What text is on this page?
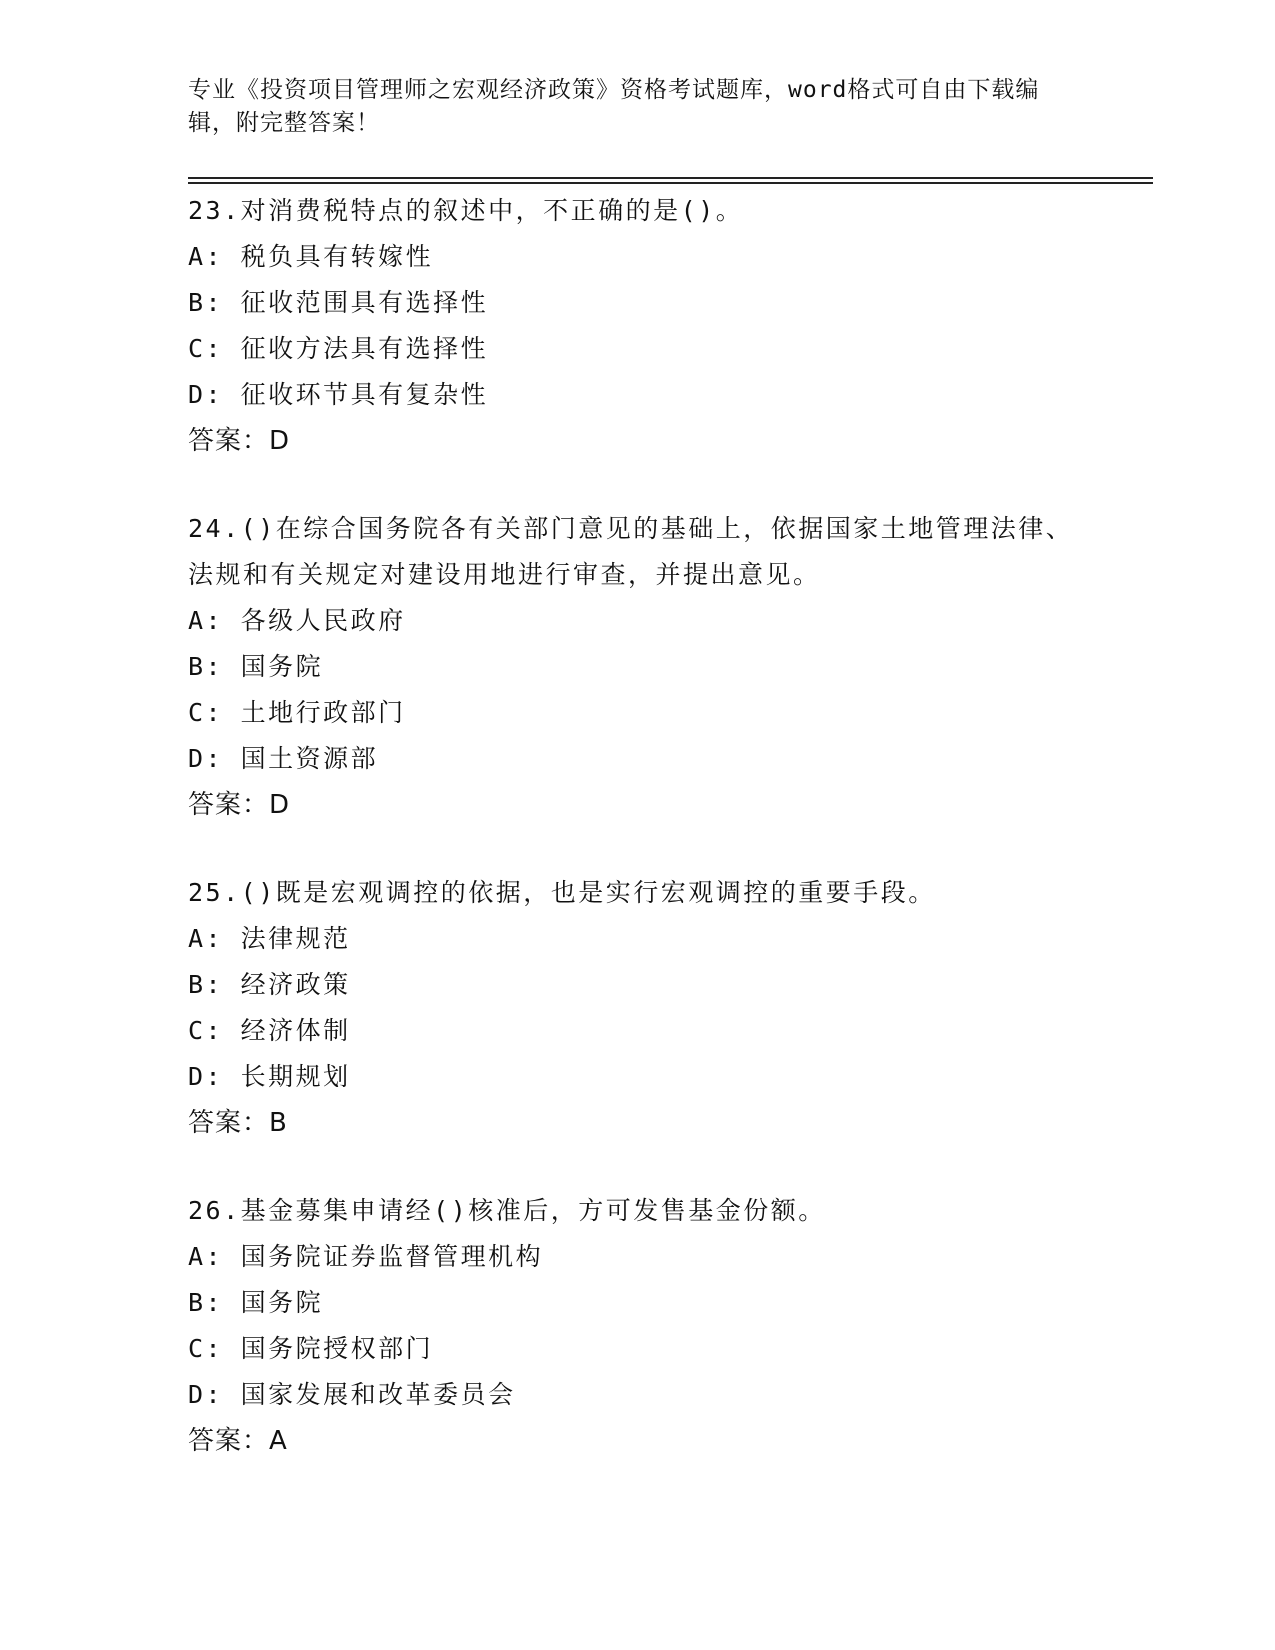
专业《投资项目管理师之宏观经济政策》资格考试题库，word格式可自由下载编辑，附完整答案！
23.对消费税特点的叙述中，不正确的是()。
A: 税负具有转嫁性
B: 征收范围具有选择性
C: 征收方法具有选择性
D: 征收环节具有复杂性
答案：D
24.()在综合国务院各有关部门意见的基础上，依据国家土地管理法律、法规和有关规定对建设用地进行审查，并提出意见。
A: 各级人民政府
B: 国务院
C: 土地行政部门
D: 国土资源部
答案：D
25.()既是宏观调控的依据，也是实行宏观调控的重要手段。
A: 法律规范
B: 经济政策
C: 经济体制
D: 长期规划
答案：B
26.基金募集申请经()核准后，方可发售基金份额。
A: 国务院证券监督管理机构
B: 国务院
C: 国务院授权部门
D: 国家发展和改革委员会
答案：A
